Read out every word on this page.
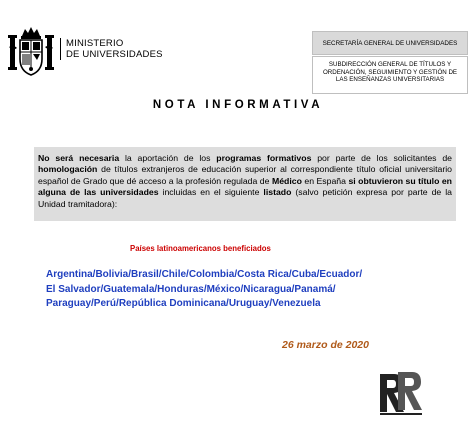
MINISTERIO
DE UNIVERSIDADES
SECRETARÍA GENERAL DE UNIVERSIDADES
SUBDIRECCIÓN GENERAL DE TÍTULOS Y
ORDENACIÓN, SEGUIMIENTO Y GESTIÓN DE
LAS ENSEÑANZAS UNIVERSITARIAS
NOTA INFORMATIVA
No será necesaria la aportación de los programas formativos por parte de los solicitantes de homologación de títulos extranjeros de educación superior al correspondiente título oficial universitario español de Grado que dé acceso a la profesión regulada de Médico en España si obtuvieron su título en alguna de las universidades incluidas en el siguiente listado (salvo petición expresa por parte de la Unidad tramitadora):
Países latinoamericanos beneficiados
Argentina/Bolivia/Brasil/Chile/Colombia/Costa Rica/Cuba/Ecuador/
El Salvador/Guatemala/Honduras/México/Nicaragua/Panamá/
Paraguay/Perú/República Dominicana/Uruguay/Venezuela
26 marzo de 2020
